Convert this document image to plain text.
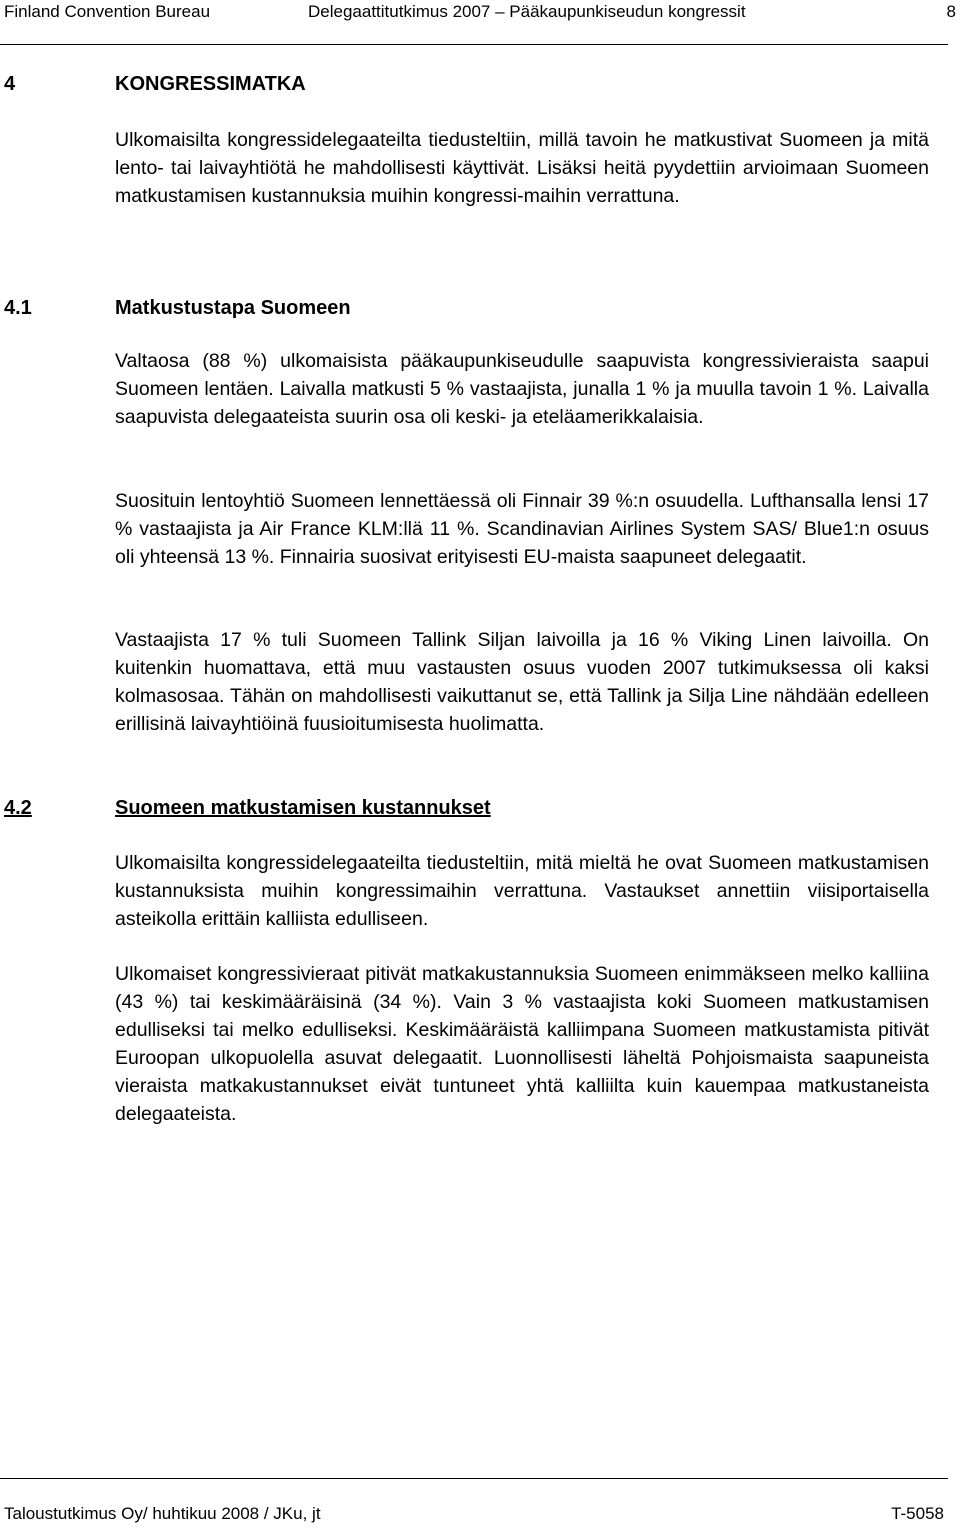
Finland Convention Bureau	Delegaattitutkimus 2007 – Pääkaupunkiseudun kongressit	8
4	KONGRESSIMATKA

Ulkomaisilta kongressidelegaateilta tiedusteltiin, millä tavoin he matkustivat Suomeen ja mitä lento- tai laivayhtiötä he mahdollisesti käyttivät. Lisäksi heitä pyydettiin arvioimaan Suomeen matkustamisen kustannuksia muihin kongressi-maihin verrattuna.

4.1	Matkustustapa Suomeen

Valtaosa (88 %) ulkomaisista pääkaupunkiseudulle saapuvista kongressivieraista saapui Suomeen lentäen. Laivalla matkusti 5 % vastaajista, junalla 1 % ja muulla tavoin 1 %. Laivalla saapuvista delegaateista suurin osa oli keski- ja eteläamerikkalaisia.

Suosituin lentoyhtiö Suomeen lennettäessä oli Finnair 39 %:n osuudella. Lufthansalla lensi 17 % vastaajista ja Air France KLM:llä 11 %. Scandinavian Airlines System SAS/ Blue1:n osuus oli yhteensä 13 %. Finnairia suosivat erityisesti EU-maista saapuneet delegaatit.

Vastaajista 17 % tuli Suomeen Tallink Siljan laivoilla ja 16 % Viking Linen laivoilla. On kuitenkin huomattava, että muu vastausten osuus vuoden 2007 tutkimuksessa oli kaksi kolmasosaa. Tähän on mahdollisesti vaikuttanut se, että Tallink ja Silja Line nähdään edelleen erillisinä laivayhtiöinä fuusioitumisesta huolimatta.

4.2	Suomeen matkustamisen kustannukset

Ulkomaisilta kongressidelegaateilta tiedusteltiin, mitä mieltä he ovat Suomeen matkustamisen kustannuksista muihin kongressimaihin verrattuna. Vastaukset annettiin viisiportaisella asteikolla erittäin kalliista edulliseen.

Ulkomaiset kongressivieraat pitivät matkakustannuksia Suomeen enimmäkseen melko kalliina (43 %) tai keskimääräisinä (34 %). Vain 3 % vastaajista koki Suomeen matkustamisen edulliseksi tai melko edulliseksi. Keskimääräistä kalliimpana Suomeen matkustamista pitivät Euroopan ulkopuolella asuvat delegaatit. Luonnollisesti läheltä Pohjoismaista saapuneista vieraista matkakustannukset eivät tuntuneet yhtä kalliilta kuin kauempaa matkustaneista delegaateista.

Taloustutkimus Oy/ huhtikuu 2008 / JKu, jt	T-5058
